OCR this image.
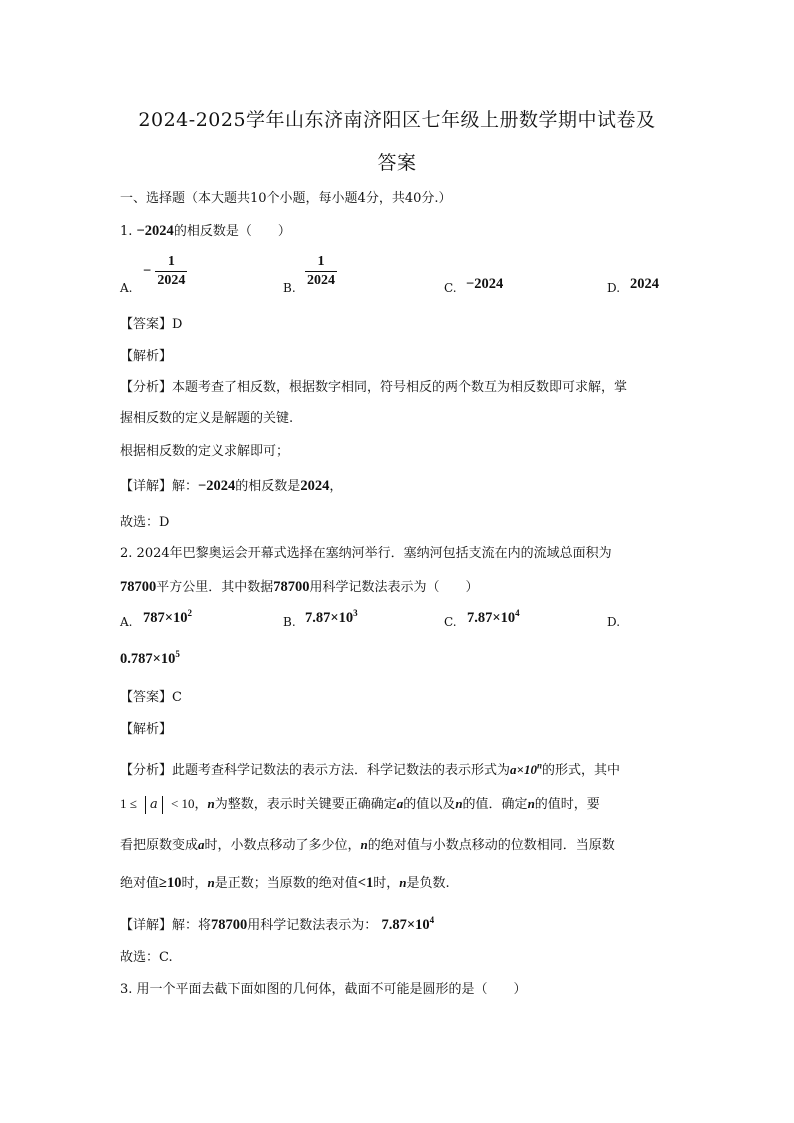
2024-2025学年山东济南济阳区七年级上册数学期中试卷及
答案
一、选择题（本大题共10个小题，每小题4分，共40分.）
1. −2024的相反数是（　　）
A.
− $\frac{1}{2024}$	B. $\frac{1}{2024}$	C. −2024	D. 2024
【答案】D
【解析】
【分析】本题考查了相反数，根据数字相同，符号相反的两个数互为相反数即可求解，掌
握相反数的定义是解题的关键.
根据相反数的定义求解即可；
【详解】解：−2024的相反数是2024，
故选：D
2. 2024年巴黎奥运会开幕式选择在塞纳河举行．塞纳河包括支流在内的流域总面积为
78700平方公里．其中数据78700用科学记数法表示为（　　）
A. $787\times 10^2$
B. $7.87\times 10^3$
C. $7.87\times 10^4$
D.
$0.787\times 10^5$
【答案】C
【解析】
【分析】此题考查科学记数法的表示方法．科学记数法的表示形式为$a\times 10^n$的形式，其中
1 ≤ a < 10，n为整数，表示时关键要正确确定a的值以及n的值．确定n的值时，要
看把原数变成a时，小数点移动了多少位，n的绝对值与小数点移动的位数相同．当原数
绝对值≥10时，n是正数；当原数的绝对值<1时，n是负数.
【详解】解：将78700用科学记数法表示为： $7.87\times 10^4$
故选：C.
3. 用一个平面去截下面如图的几何体，截面不可能是圆形的是（　　）
